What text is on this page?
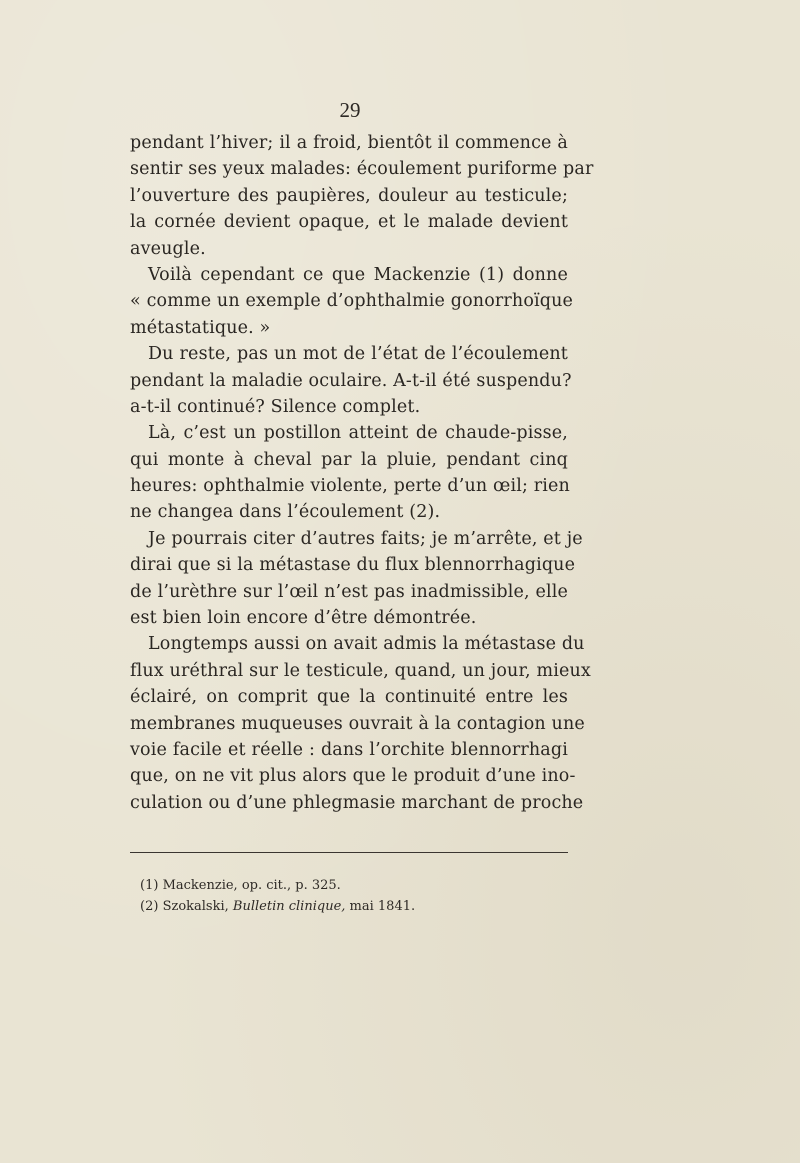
29
pendant l’hiver; il a froid, bientôt il commence à
sentir ses yeux malades: écoulement puriforme par
l’ouverture des paupières, douleur au testicule;
la cornée devient opaque, et le malade devient
aveugle.
Voilà cependant ce que Mackenzie (1) donne
« comme un exemple d’ophthalmie gonorrhoïque
métastatique. »
Du reste, pas un mot de l’état de l’écoulement
pendant la maladie oculaire. A-t-il été suspendu?
a-t-il continué? Silence complet.
Là, c’est un postillon atteint de chaude-pisse,
qui monte à cheval par la pluie, pendant cinq
heures: ophthalmie violente, perte d’un œil; rien
ne changea dans l’écoulement (2).
Je pourrais citer d’autres faits; je m’arrête, et je
dirai que si la métastase du flux blennorrhagique
de l’urèthre sur l’œil n’est pas inadmissible, elle
est bien loin encore d’être démontrée.
Longtemps aussi on avait admis la métastase du
flux uréthral sur le testicule, quand, un jour, mieux
éclairé, on comprit que la continuité entre les
membranes muqueuses ouvrait à la contagion une
voie facile et réelle : dans l’orchite blennorrhagi
que, on ne vit plus alors que le produit d’une ino-
culation ou d’une phlegmasie marchant de proche
(1) Mackenzie, op. cit., p. 325.
(2) Szokalski, Bulletin clinique, mai 1841.
